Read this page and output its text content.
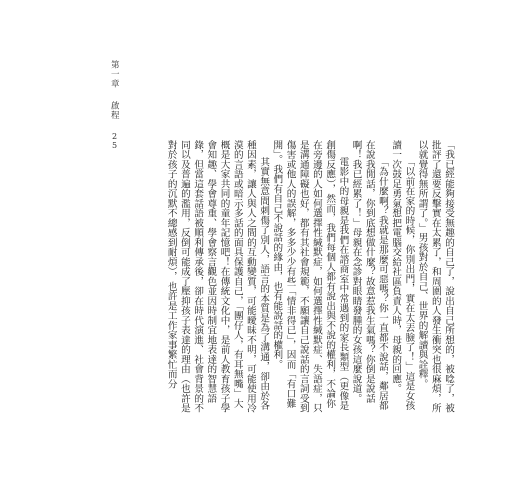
第一章
啟程
25	「我已經能夠接受無趣的自己了，說出自己所想的，被唸了，被批評了還要反擊實在太累了，和周圍的人發生衝突也很麻煩，所以就覺得無所謂了。」男孩對於自己、世界的解讀與詮釋。

「以前在家的時候，你別出門，實在太丟臉了！」這是女孩讀一次鼓足勇氣想把電腦交給社區負責人時，母親的回應。

「為什麼啊？我就是那麼可惡嗎？你一直都不說話，鄰居都在說我閒話，你到底想做什麼？故意惹我生氣嗎？你倒是說話啊！我已經累了！」母親在念診對眼睛發腫的女孩這麼說道。

電影中的母親是我們在諮商室中常遇到的家長類型（更像是創傷反應），然而，我們每個人都有說出與不說的權利，不論你在旁邊的人如何選擇性緘默症，如何選擇性緘默症、失語症，只是溝通障礙也好，都有其社會規範，不願讓自己說話的言詞受到傷害或他人的誤解，多多少少有些「情非得已」，因而「有口難開」。我們有自己不說話的緣由，也有能說話的權利。

其實無意間刺傷了別人，語言的本質是為了溝通，卻由於各種因素，讓人與人之間的互動變質，可能曖昧不明，可能使用冷漠的言語或暗示多話的面具保護自己，「團仔人，有耳無嘴」大概是大家共同的童年記憶吧！在傳統文化中，是前人教育孩子學會知趣、學會尊重、學會察言觀色並因時制宜地表達的智慧語錄，但當這套話語被順利傳承後，卻在時代演進、社會背景的不同以及普遍的濫用，反倒可能成了壓抑孩子表達的理由（也許是對於孩子的沉默不總感到耐煩），也許是工作家事繁忙而分
